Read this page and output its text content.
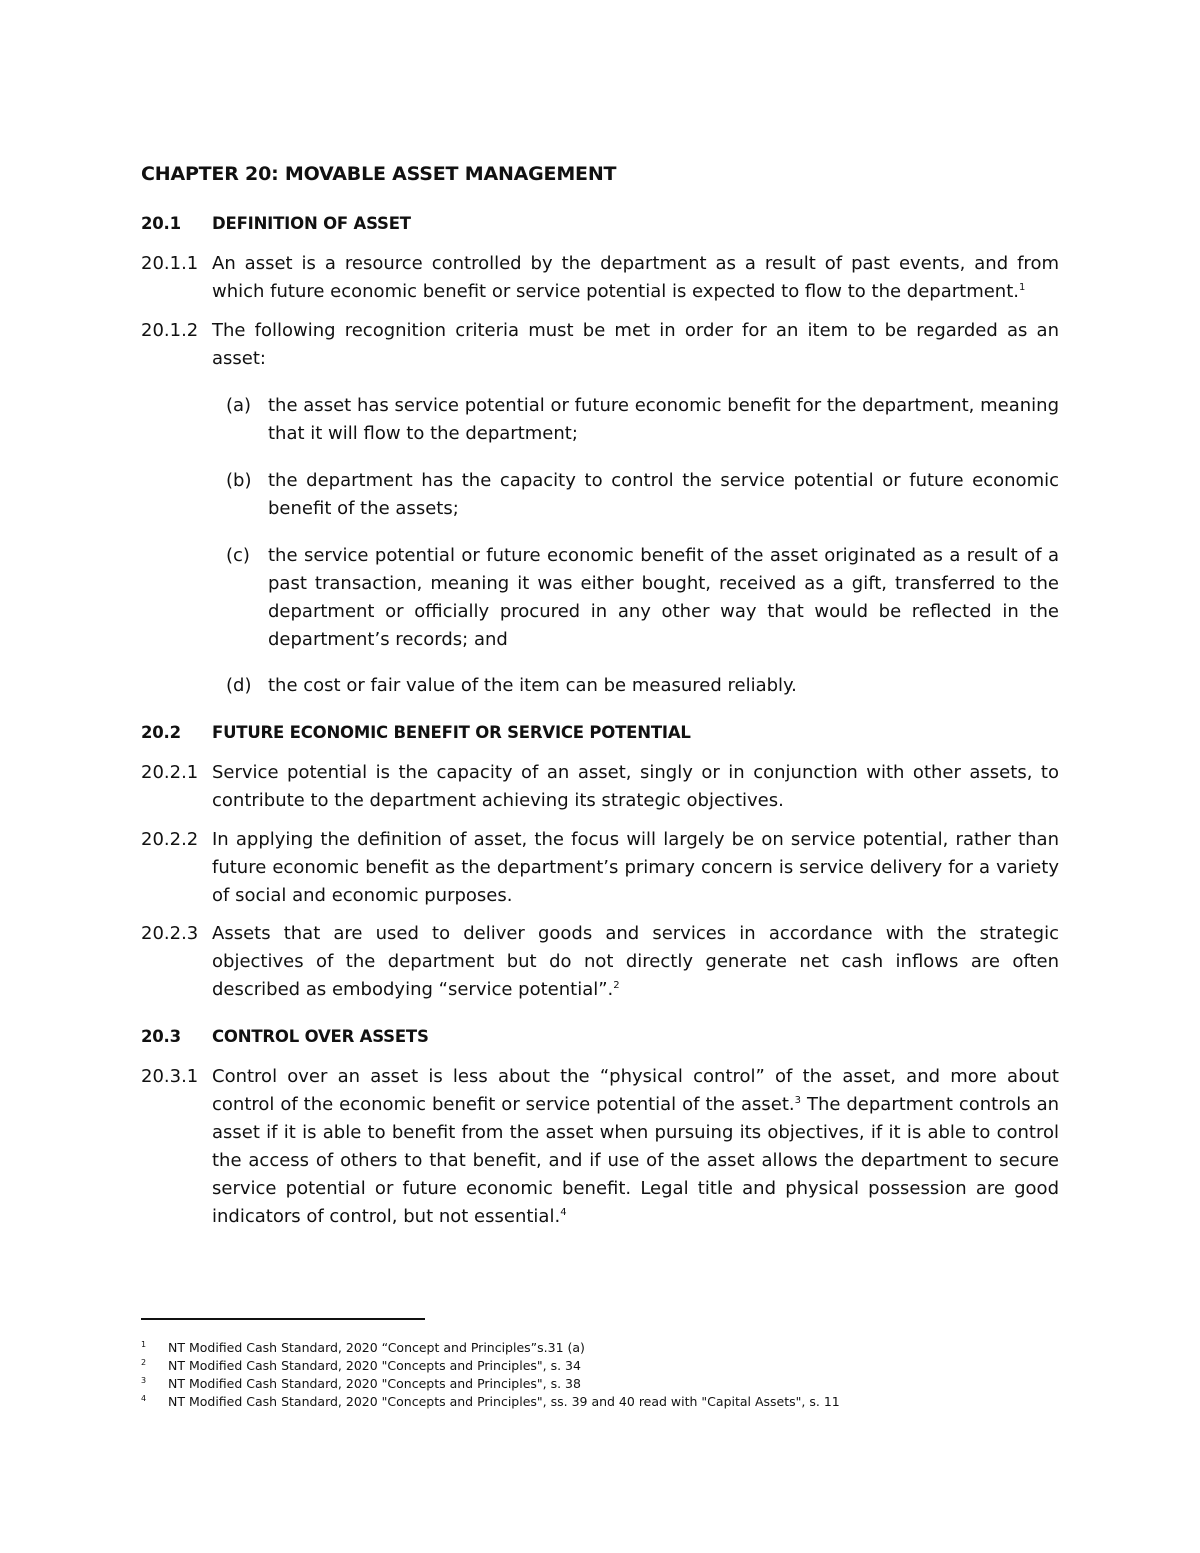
CHAPTER 20: MOVABLE ASSET MANAGEMENT
20.1 DEFINITION OF ASSET
20.1.1 An asset is a resource controlled by the department as a result of past events, and from which future economic benefit or service potential is expected to flow to the department.$^1$
20.1.2 The following recognition criteria must be met in order for an item to be regarded as an asset:
(a) the asset has service potential or future economic benefit for the department, meaning that it will flow to the department;
(b) the department has the capacity to control the service potential or future economic benefit of the assets;
(c) the service potential or future economic benefit of the asset originated as a result of a past transaction, meaning it was either bought, received as a gift, transferred to the department or officially procured in any other way that would be reflected in the department’s records; and
(d) the cost or fair value of the item can be measured reliably.
20.2 FUTURE ECONOMIC BENEFIT OR SERVICE POTENTIAL
20.2.1 Service potential is the capacity of an asset, singly or in conjunction with other assets, to contribute to the department achieving its strategic objectives.
20.2.2 In applying the definition of asset, the focus will largely be on service potential, rather than future economic benefit as the department’s primary concern is service delivery for a variety of social and economic purposes.
20.2.3 Assets that are used to deliver goods and services in accordance with the strategic objectives of the department but do not directly generate net cash inflows are often described as embodying “service potential”.$^2$
20.3 CONTROL OVER ASSETS
20.3.1 Control over an asset is less about the “physical control” of the asset, and more about control of the economic benefit or service potential of the asset.$^3$ The department controls an asset if it is able to benefit from the asset when pursuing its objectives, if it is able to control the access of others to that benefit, and if use of the asset allows the department to secure service potential or future economic benefit. Legal title and physical possession are good indicators of control, but not essential.$^4$
1 NT Modified Cash Standard, 2020 “Concept and Principles”s.31 (a)
2 NT Modified Cash Standard, 2020 "Concepts and Principles", s. 34
3 NT Modified Cash Standard, 2020 "Concepts and Principles", s. 38
4 NT Modified Cash Standard, 2020 "Concepts and Principles", ss. 39 and 40 read with "Capital Assets", s. 11
